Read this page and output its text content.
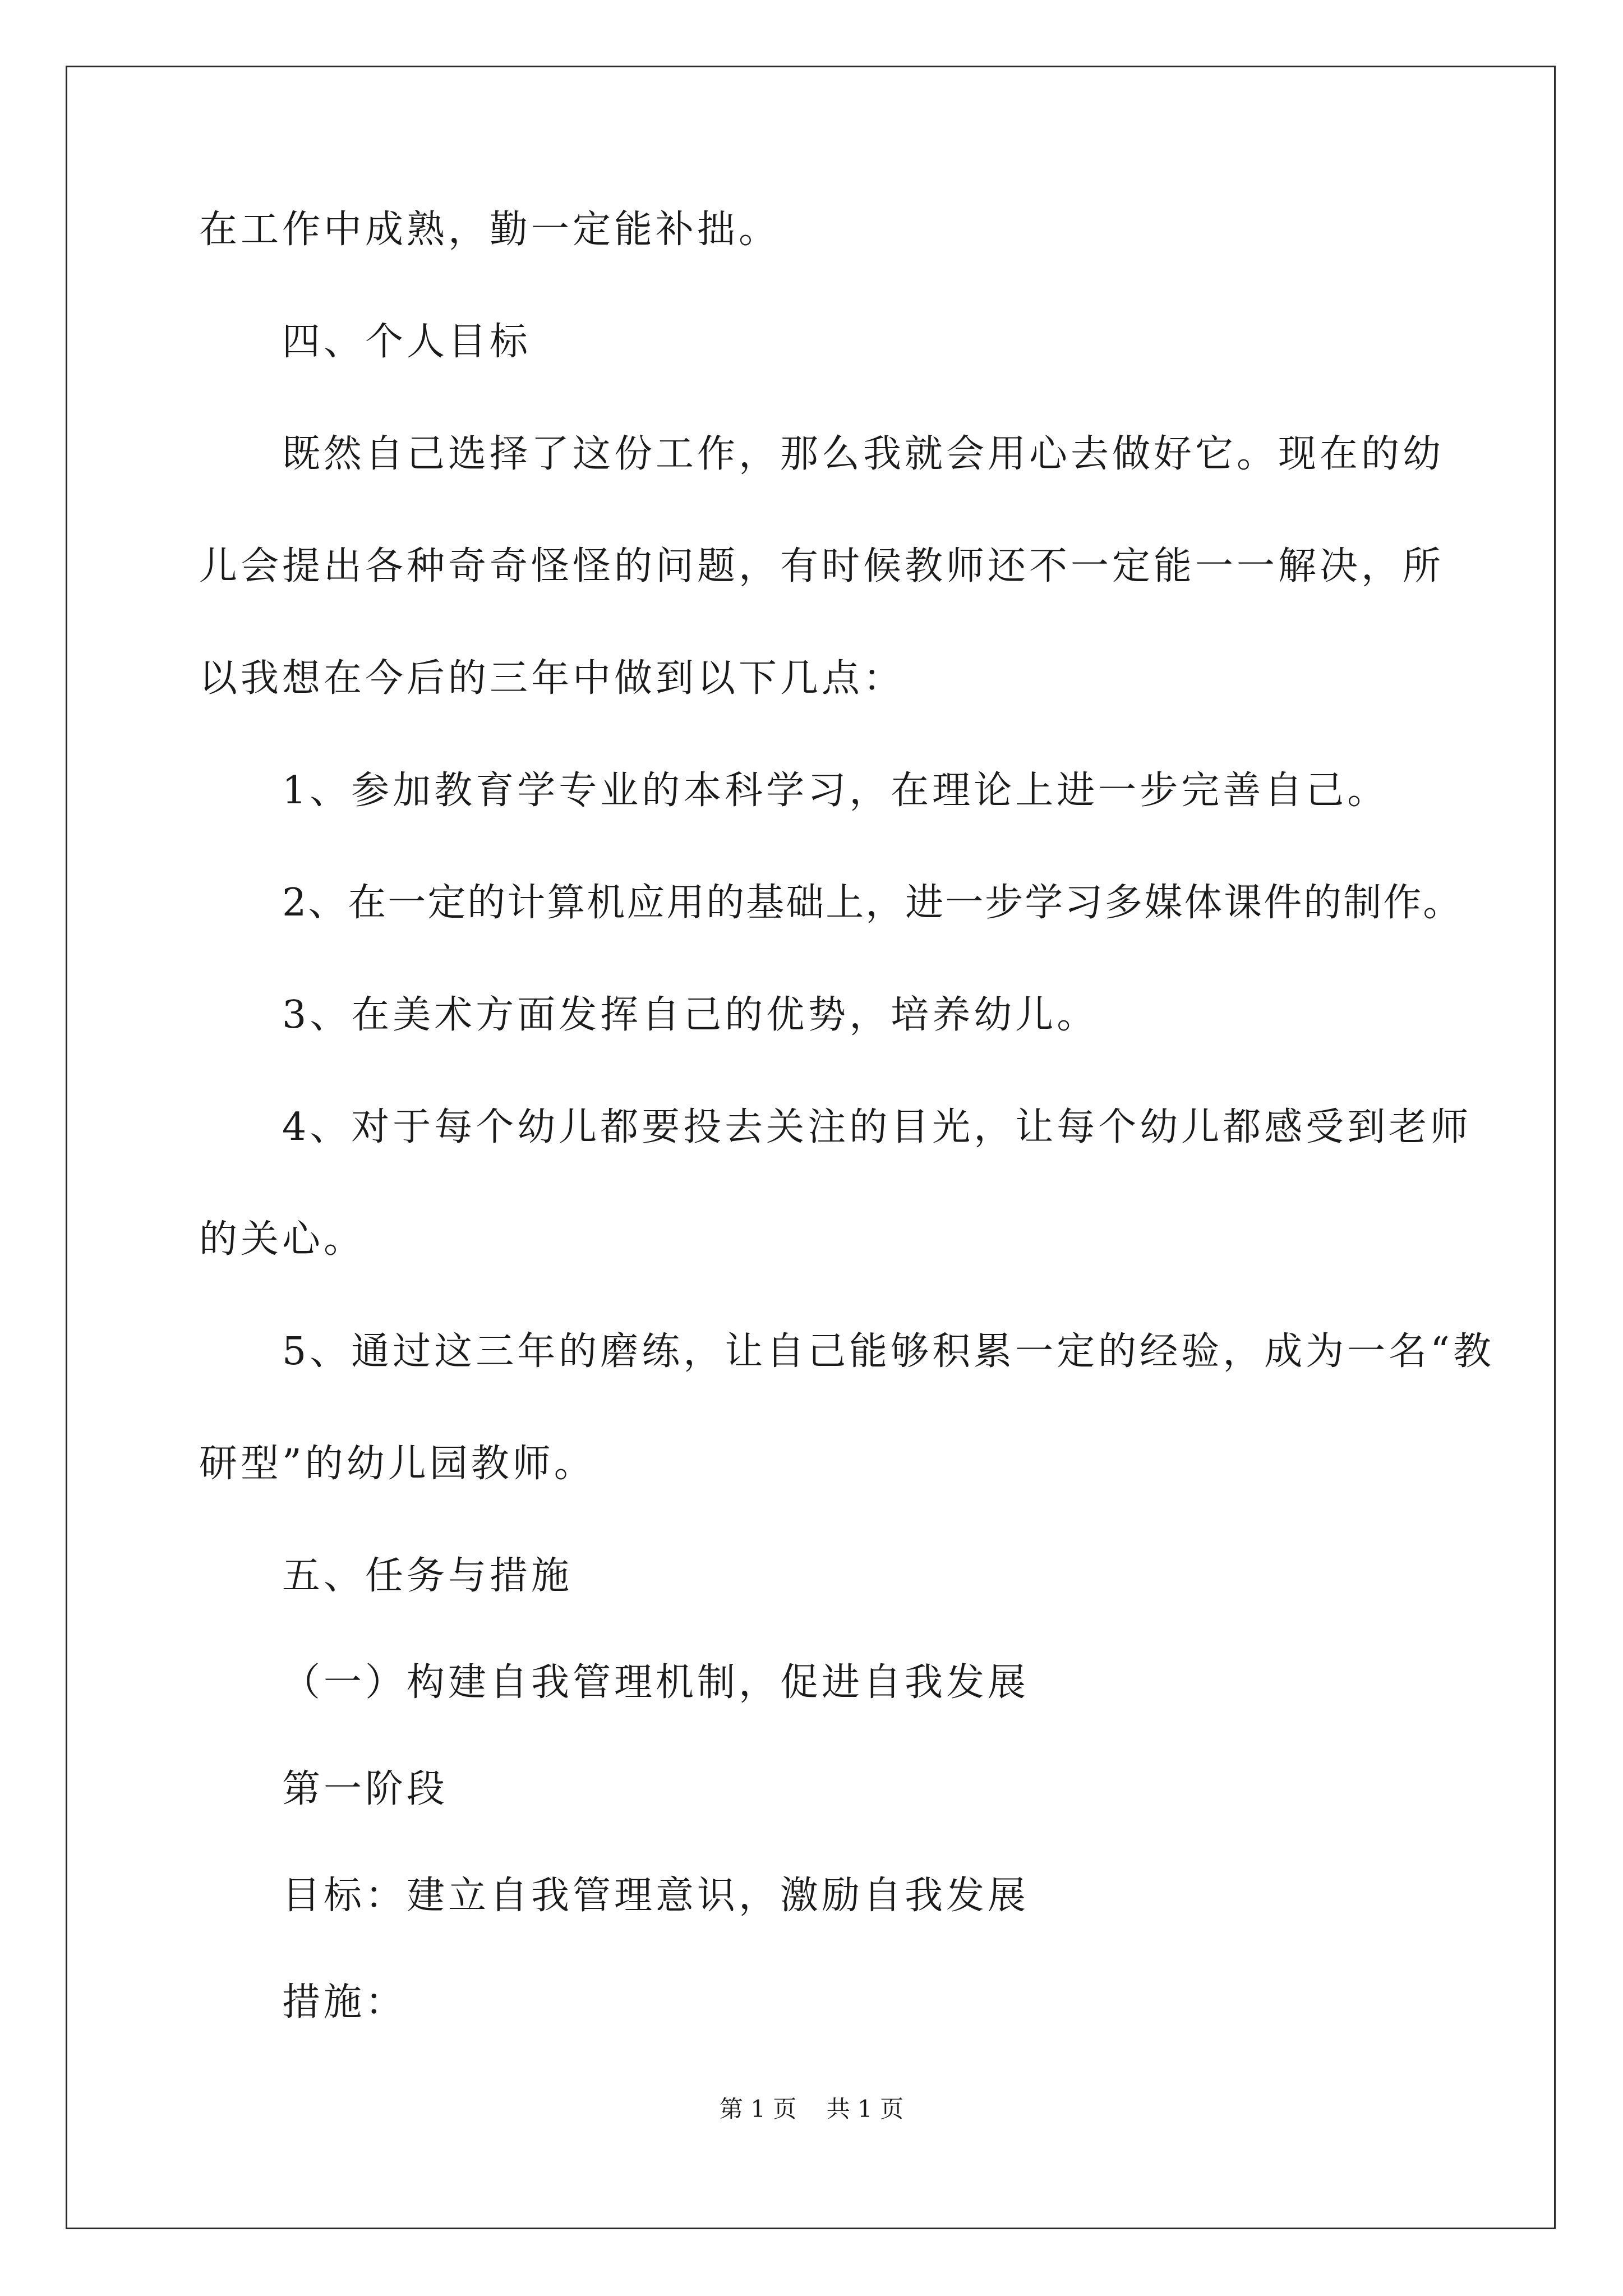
在工作中成熟，勤一定能补拙。
四、个人目标
既然自己选择了这份工作，那么我就会用心去做好它。现在的幼
儿会提出各种奇奇怪怪的问题，有时候教师还不一定能一一解决，所
以我想在今后的三年中做到以下几点：
1、参加教育学专业的本科学习，在理论上进一步完善自己。
2、在一定的计算机应用的基础上，进一步学习多媒体课件的制作。
3、在美术方面发挥自己的优势，培养幼儿。
4、对于每个幼儿都要投去关注的目光，让每个幼儿都感受到老师
的关心。
5、通过这三年的磨练，让自己能够积累一定的经验，成为一名“教
研型”的幼儿园教师。
五、任务与措施
（一）构建自我管理机制，促进自我发展
第一阶段
目标：建立自我管理意识，激励自我发展
措施：
第 1 页    共 1 页
